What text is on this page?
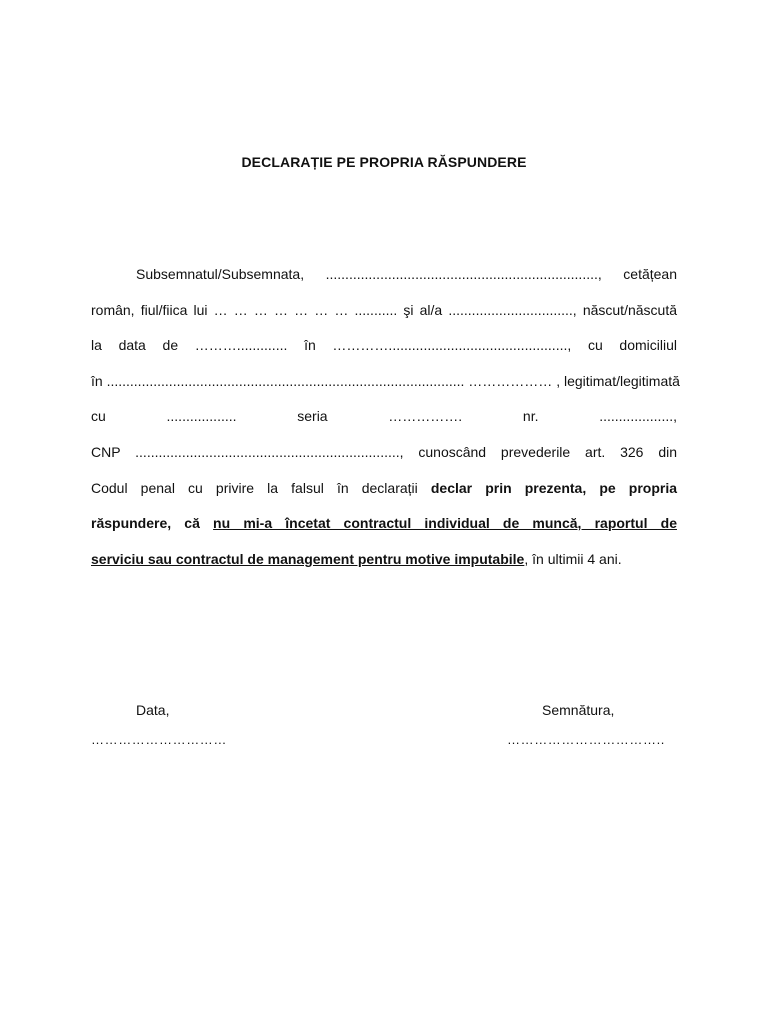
DECLARAȚIE PE PROPRIA RĂSPUNDERE
Subsemnatul/Subsemnata, ......................................................................, cetățean
român, fiul/fiica lui … … … … … … … ........... şi al/a ................................, născut/născută
la data de ………............. în ………….............................................., cu domiciliul
în ............................................................................................ ……………… , legitimat/legitimată
cu .................. seria ……………. nr. ...................,
CNP ...................................................................., cunoscând prevederile art. 326 din
Codul penal cu privire la falsul în declarații declar prin prezenta, pe propria
răspundere, că nu mi-a încetat contractul individual de muncă, raportul de
serviciu sau contractul de management pentru motive imputabile, în ultimii 4 ani.
Data,
…………………………
Semnătura,
……………………………..
